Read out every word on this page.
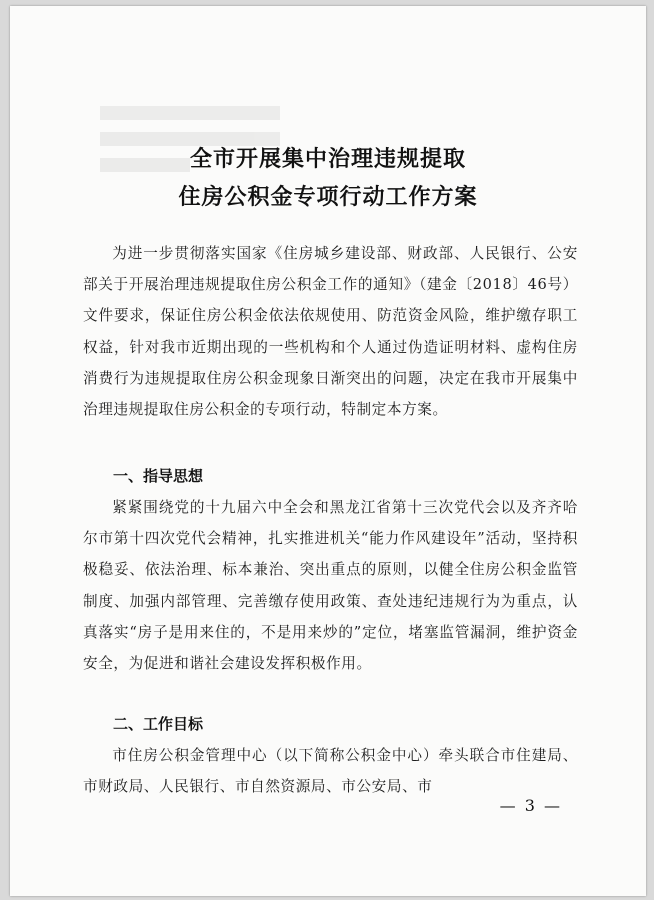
全市开展集中治理违规提取
住房公积金专项行动工作方案
为进一步贯彻落实国家《住房城乡建设部、财政部、人民银行、公安部关于开展治理违规提取住房公积金工作的通知》（建金〔2018〕46号）文件要求，保证住房公积金依法依规使用、防范资金风险，维护缴存职工权益，针对我市近期出现的一些机构和个人通过伪造证明材料、虚构住房消费行为违规提取住房公积金现象日渐突出的问题，决定在我市开展集中治理违规提取住房公积金的专项行动，特制定本方案。
一、指导思想
紧紧围绕党的十九届六中全会和黑龙江省第十三次党代会以及齐齐哈尔市第十四次党代会精神，扎实推进机关“能力作风建设年”活动，坚持积极稳妥、依法治理、标本兼治、突出重点的原则，以健全住房公积金监管制度、加强内部管理、完善缴存使用政策、查处违纪违规行为为重点，认真落实“房子是用来住的，不是用来炒的”定位，堵塞监管漏洞，维护资金安全，为促进和谐社会建设发挥积极作用。
二、工作目标
市住房公积金管理中心（以下简称公积金中心）牵头联合市住建局、市财政局、人民银行、市自然资源局、市公安局、市
— 3 —
